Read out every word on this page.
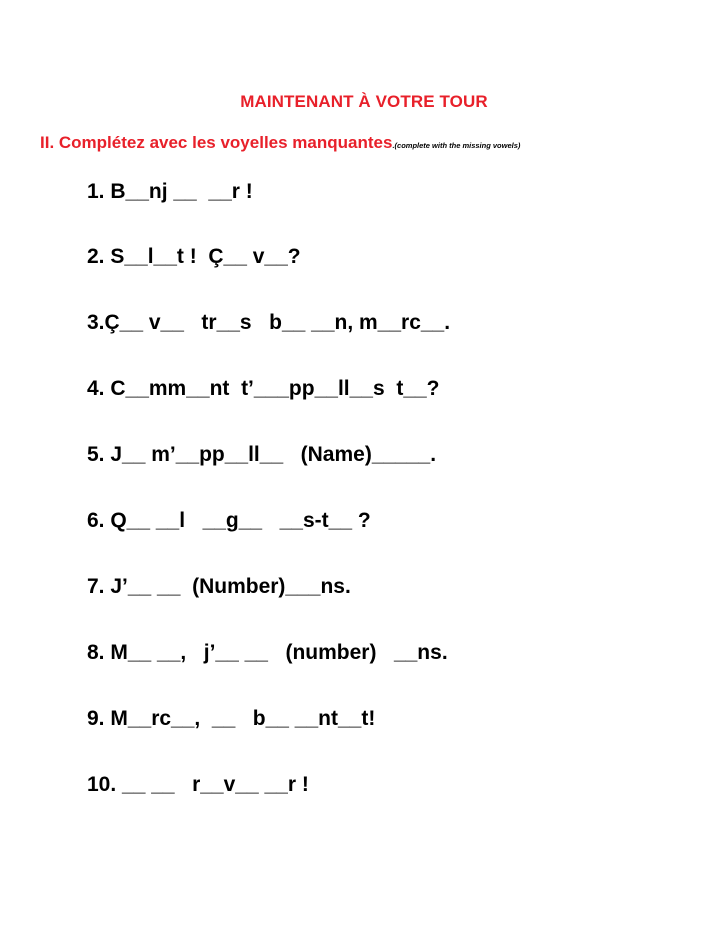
MAINTENANT À VOTRE TOUR
II. Complétez avec les voyelles manquantes.(complete with the missing vowels)
1. B__nj __  __r !
2. S__l__t !  Ç__ v__?
3.Ç__ v__   tr__s   b__ __n, m__rc__.
4. C__mm__nt  t’___pp__ll__s  t__?
5. J__ m’__pp__ll__   (Name)_____.
6. Q__ __l   __g__   __s-t__ ?
7. J’__ __  (Number)___ns.
8. M__ __,   j’__ __   (number)   __ns.
9. M__rc__,  __   b__ __nt__t!
10. __ __   r__v__ __r !
